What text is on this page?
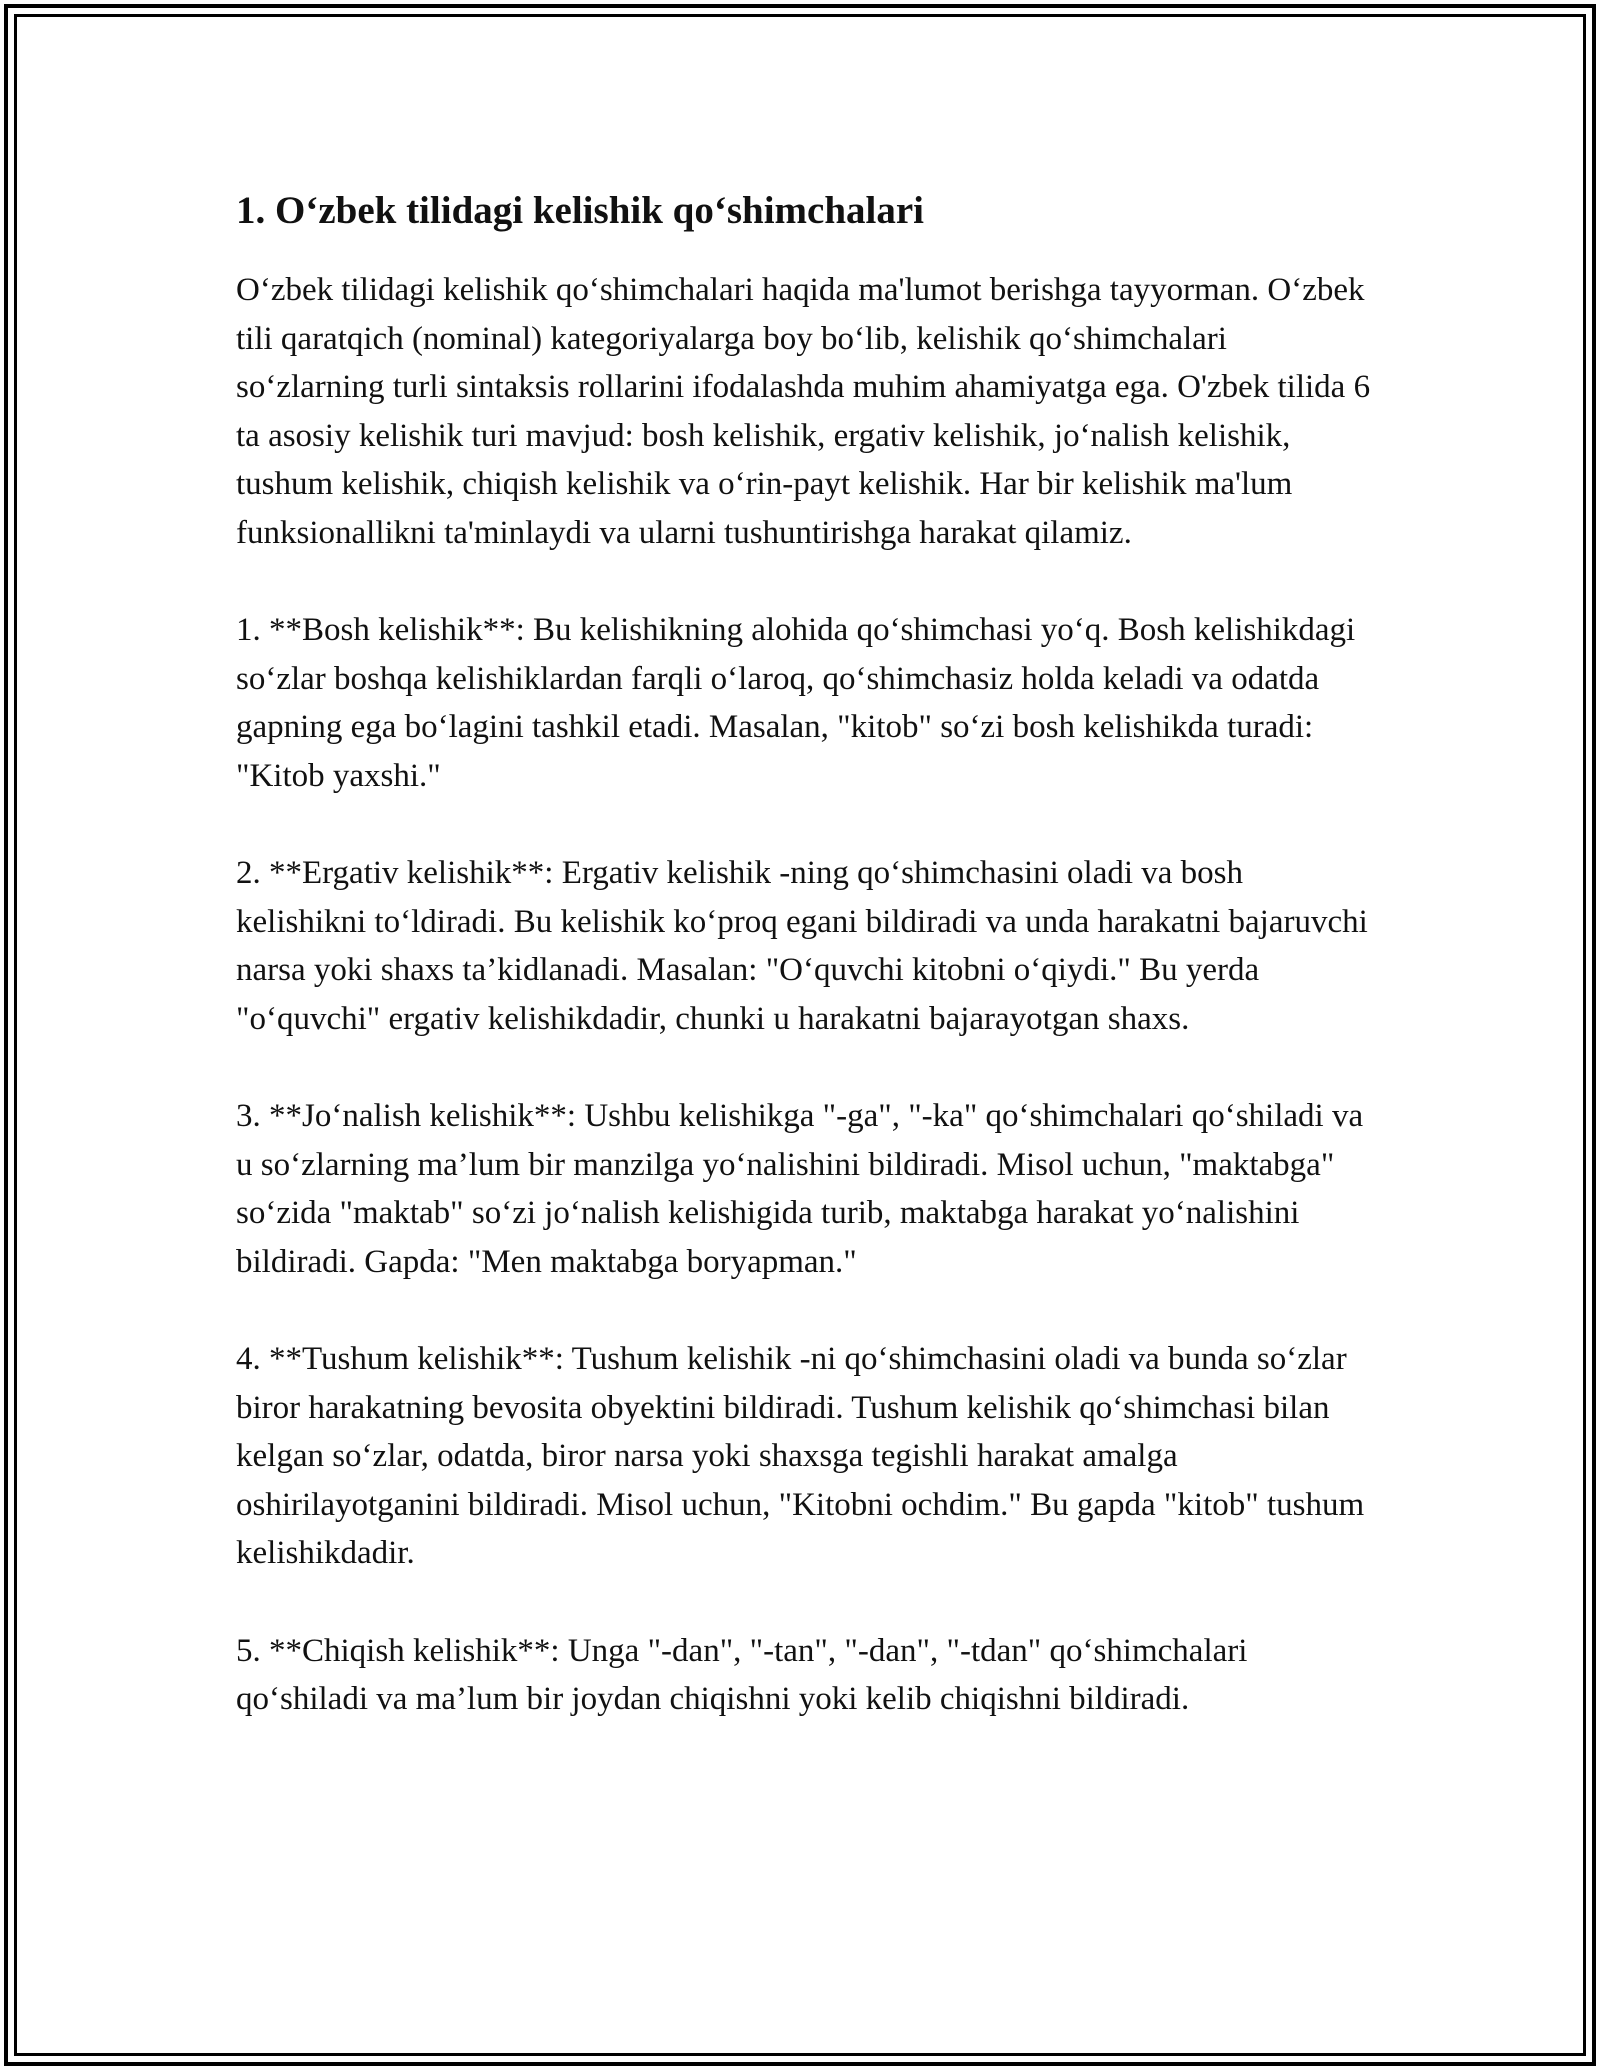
1. Oʻzbek tilidagi kelishik qoʻshimchalari

Oʻzbek tilidagi kelishik qoʻshimchalari haqida ma'lumot berishga tayyorman. Oʻzbek tili qaratqich (nominal) kategoriyalarga boy boʻlib, kelishik qoʻshimchalari soʻzlarning turli sintaksis rollarini ifodalashda muhim ahamiyatga ega. O'zbek tilida 6 ta asosiy kelishik turi mavjud: bosh kelishik, ergativ kelishik, joʻnalish kelishik, tushum kelishik, chiqish kelishik va oʻrin-payt kelishik. Har bir kelishik ma'lum funksionallikni ta'minlaydi va ularni tushuntirishga harakat qilamiz.

1. **Bosh kelishik**: Bu kelishikning alohida qoʻshimchasi yoʻq. Bosh kelishikdagi soʻzlar boshqa kelishiklardan farqli oʻlaroq, qoʻshimchasiz holda keladi va odatda gapning ega boʻlagini tashkil etadi. Masalan, "kitob" soʻzi bosh kelishikda turadi: "Kitob yaxshi."

2. **Ergativ kelishik**: Ergativ kelishik -ning qoʻshimchasini oladi va bosh kelishikni toʻldiradi. Bu kelishik koʻproq egani bildiradi va unda harakatni bajaruvchi narsa yoki shaxs ta’kidlanadi. Masalan: "Oʻquvchi kitobni oʻqiydi." Bu yerda "oʻquvchi" ergativ kelishikdadir, chunki u harakatni bajarayotgan shaxs.

3. **Joʻnalish kelishik**: Ushbu kelishikga "-ga", "-ka" qoʻshimchalari qoʻshiladi va u soʻzlarning ma’lum bir manzilga yoʻnalishini bildiradi. Misol uchun, "maktabga" soʻzida "maktab" soʻzi joʻnalish kelishigida turib, maktabga harakat yoʻnalishini bildiradi. Gapda: "Men maktabga boryapman."

4. **Tushum kelishik**: Tushum kelishik -ni qoʻshimchasini oladi va bunda soʻzlar biror harakatning bevosita obyektini bildiradi. Tushum kelishik qoʻshimchasi bilan kelgan soʻzlar, odatda, biror narsa yoki shaxsga tegishli harakat amalga oshirilayotganini bildiradi. Misol uchun, "Kitobni ochdim." Bu gapda "kitob" tushum kelishikdadir.

5. **Chiqish kelishik**: Unga "-dan", "-tan", "-dan", "-tdan" qoʻshimchalari qoʻshiladi va ma’lum bir joydan chiqishni yoki kelib chiqishni bildiradi.
